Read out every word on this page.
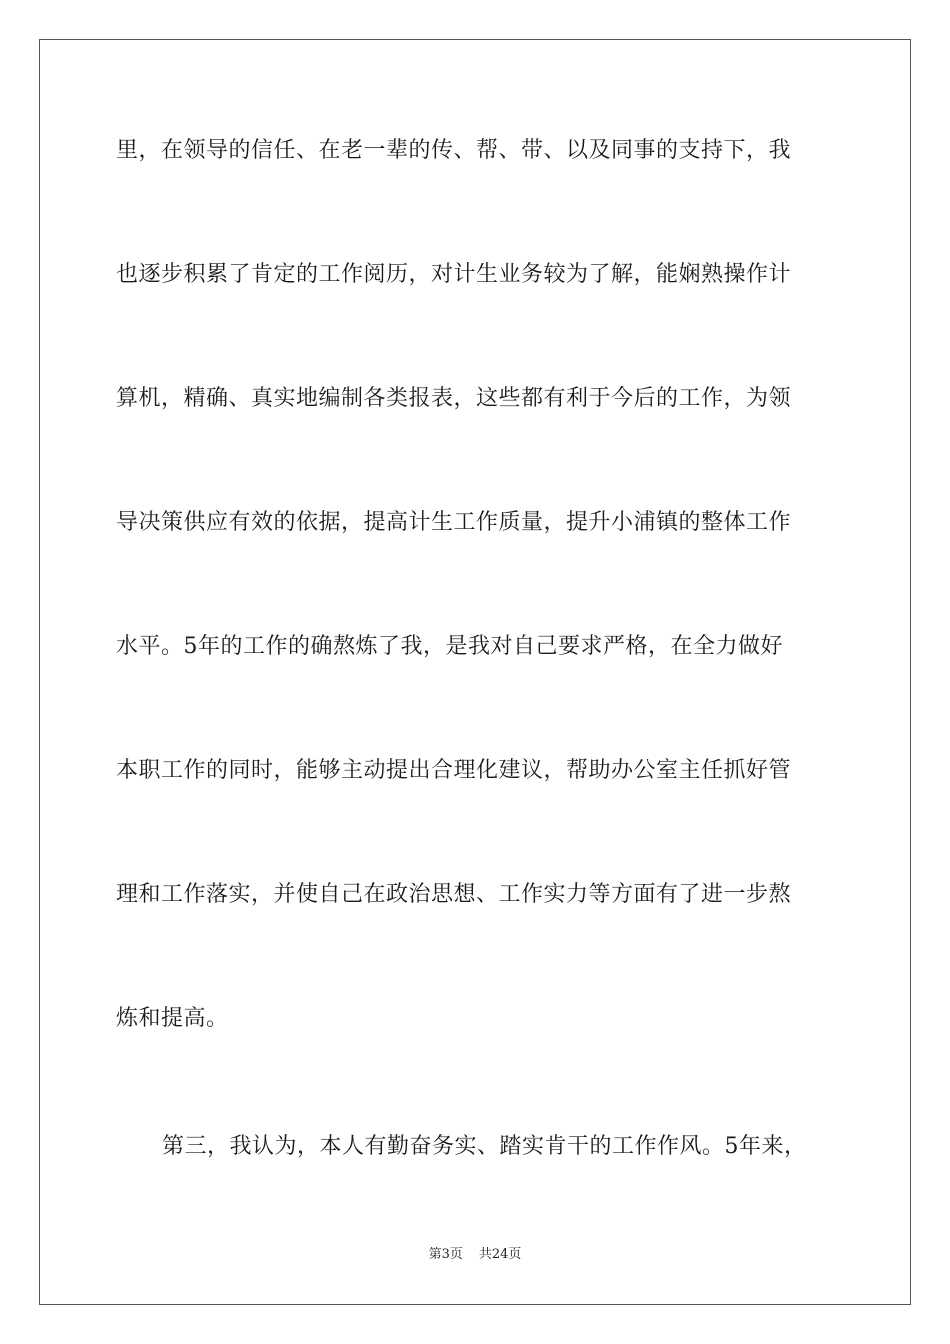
里，在领导的信任、在老一辈的传、帮、带、以及同事的支持下，我
也逐步积累了肯定的工作阅历，对计生业务较为了解，能娴熟操作计
算机，精确、真实地编制各类报表，这些都有利于今后的工作，为领
导决策供应有效的依据，提高计生工作质量，提升小浦镇的整体工作
水平。5年的工作的确熬炼了我，是我对自己要求严格，在全力做好
本职工作的同时，能够主动提出合理化建议，帮助办公室主任抓好管
理和工作落实，并使自己在政治思想、工作实力等方面有了进一步熬
炼和提高。
第三，我认为，本人有勤奋务实、踏实肯干的工作作风。5年来，
第3页 共24页
